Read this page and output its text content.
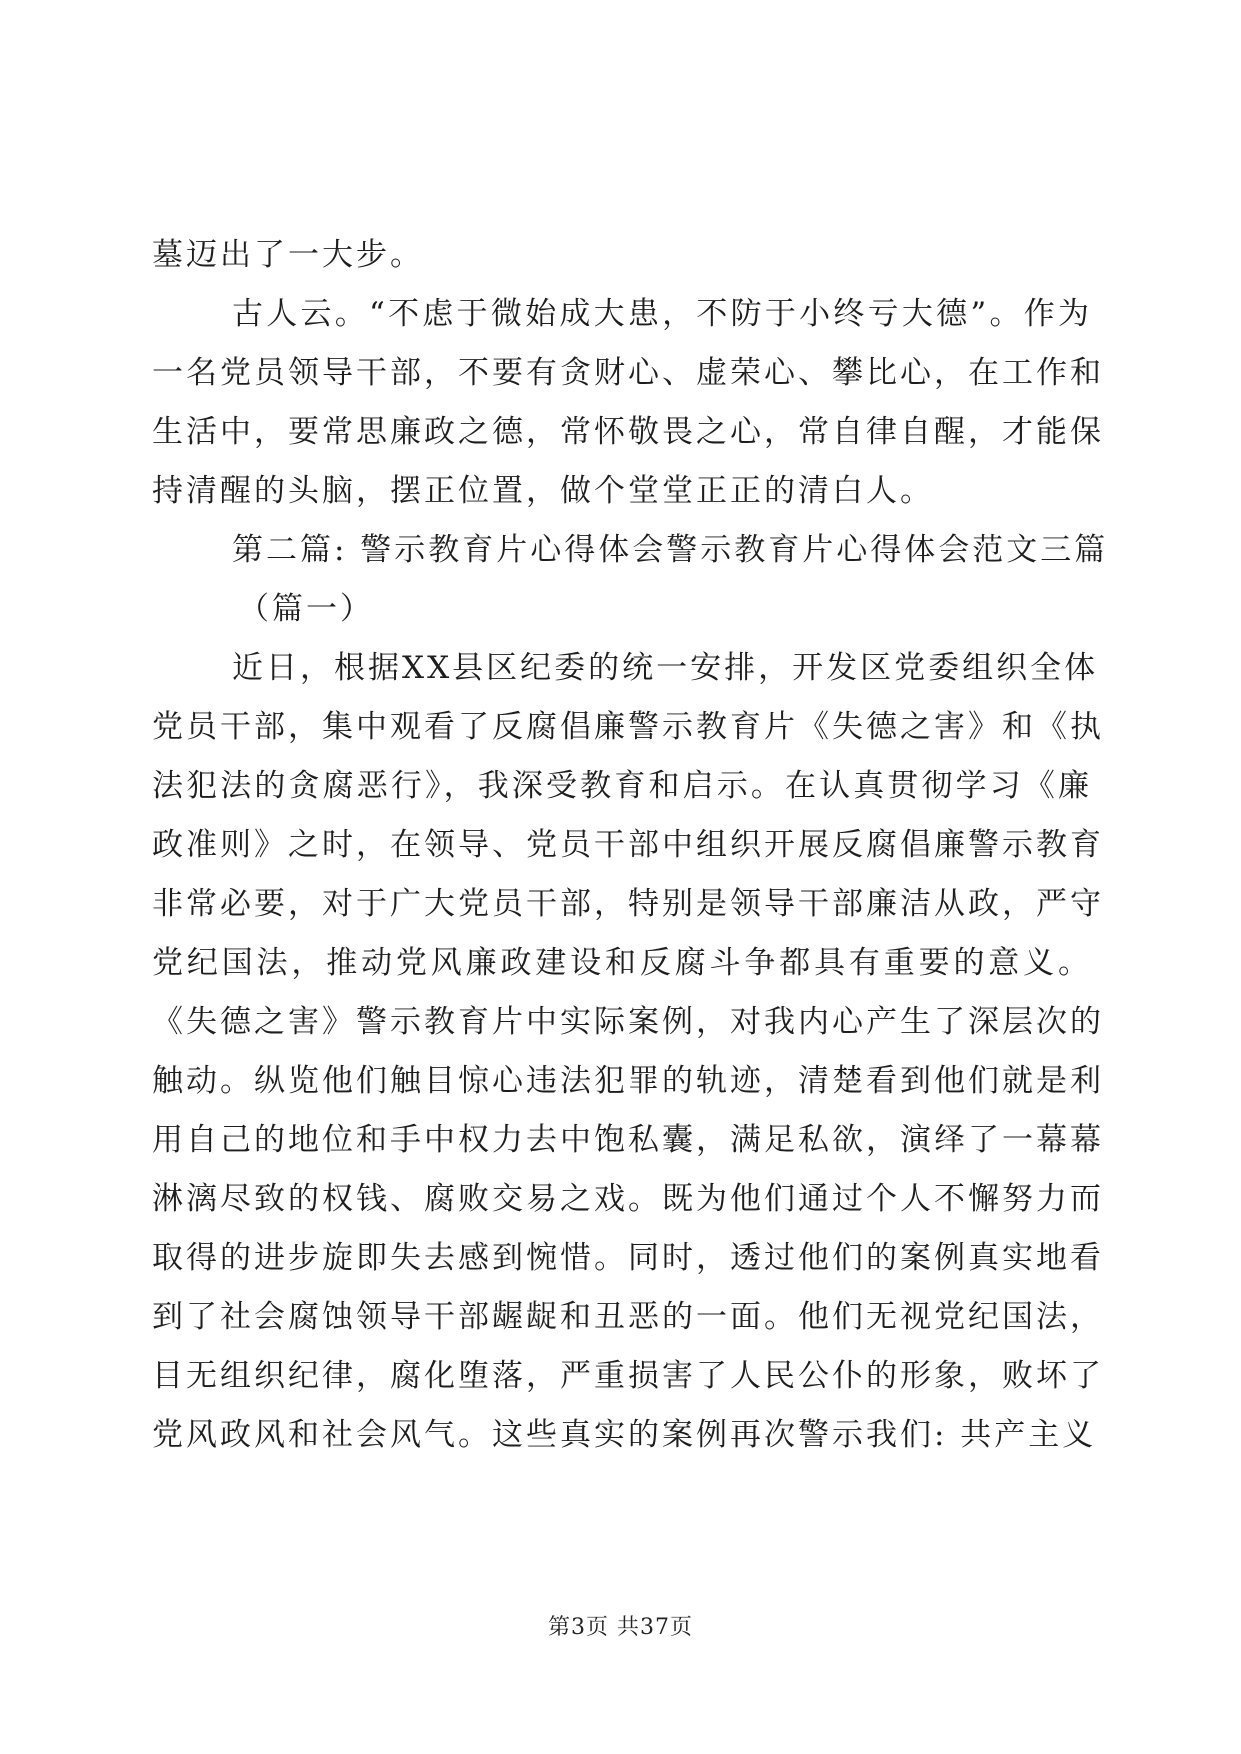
墓迈出了一大步。
古人云。“不虑于微始成大患，不防于小终亏大德”。作为
一名党员领导干部，不要有贪财心、虚荣心、攀比心，在工作和
生活中，要常思廉政之德，常怀敬畏之心，常自律自醒，才能保
持清醒的头脑，摆正位置，做个堂堂正正的清白人。
第二篇: 警示教育片心得体会警示教育片心得体会范文三篇
（篇一）
近日，根据XX县区纪委的统一安排，开发区党委组织全体
党员干部，集中观看了反腐倡廉警示教育片《失德之害》和《执
法犯法的贪腐恶行》，我深受教育和启示。在认真贯彻学习《廉
政准则》之时，在领导、党员干部中组织开展反腐倡廉警示教育
非常必要，对于广大党员干部，特别是领导干部廉洁从政，严守
党纪国法，推动党风廉政建设和反腐斗争都具有重要的意义。
《失德之害》警示教育片中实际案例，对我内心产生了深层次的
触动。纵览他们触目惊心违法犯罪的轨迹，清楚看到他们就是利
用自己的地位和手中权力去中饱私囊，满足私欲，演绎了一幕幕
淋漓尽致的权钱、腐败交易之戏。既为他们通过个人不懈努力而
取得的进步旋即失去感到惋惜。同时，透过他们的案例真实地看
到了社会腐蚀领导干部龌龊和丑恶的一面。他们无视党纪国法，
目无组织纪律，腐化堕落，严重损害了人民公仆的形象，败坏了
党风政风和社会风气。这些真实的案例再次警示我们: 共产主义
第3页 共37页
